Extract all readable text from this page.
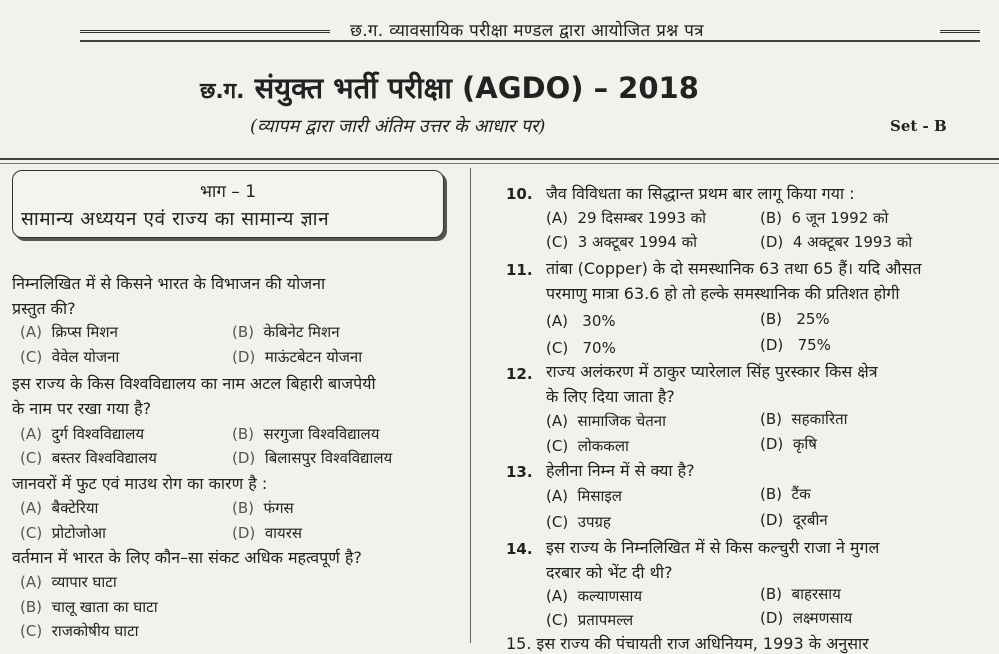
छ.ग. व्यावसायिक परीक्षा मण्डल द्वारा आयोजित प्रश्न पत्र
छ.ग. संयुक्त भर्ती परीक्षा (AGDO) – 2018
(व्यापम द्वारा जारी अंतिम उत्तर के आधार पर)	Set - B
भाग – 1
सामान्य अध्ययन एवं राज्य का सामान्य ज्ञान
निम्नलिखित में से किसने भारत के विभाजन की योजना
प्रस्तुत की?
(A) क्रिप्स मिशन	(B) केबिनेट मिशन
(C) वेवेल योजना	(D) माऊंटबेटन योजना
इस राज्य के किस विश्वविद्यालय का नाम अटल बिहारी बाजपेयी
के नाम पर रखा गया है?
(A) दुर्ग विश्वविद्यालय	(B) सरगुजा विश्वविद्यालय
(C) बस्तर विश्वविद्यालय	(D) बिलासपुर विश्वविद्यालय
जानवरों में फुट एवं माउथ रोग का कारण है :
(A) बैक्टेरिया	(B) फंगस
(C) प्रोटोजोआ	(D) वायरस
वर्तमान में भारत के लिए कौन–सा संकट अधिक महत्वपूर्ण है?
(A) व्यापार घाटा
(B) चालू खाता का घाटा
(C) राजकोषीय घाटा
10. जैव विविधता का सिद्धान्त प्रथम बार लागू किया गया :
(A) 29 दिसम्बर 1993 को	(B) 6 जून 1992 को
(C) 3 अक्टूबर 1994 को	(D) 4 अक्टूबर 1993 को
11. तांबा (Copper) के दो समस्थानिक 63 तथा 65 हैं। यदि औसत
परमाणु मात्रा 63.6 हो तो हल्के समस्थानिक की प्रतिशत होगी
(A) 30%	(B) 25%
(C) 70%	(D) 75%
12. राज्य अलंकरण में ठाकुर प्यारेलाल सिंह पुरस्कार किस क्षेत्र
के लिए दिया जाता है?
(A) सामाजिक चेतना	(B) सहकारिता
(C) लोककला	(D) कृषि
13. हेलीना निम्न में से क्या है?
(A) मिसाइल	(B) टैंक
(C) उपग्रह	(D) दूरबीन
14. इस राज्य के निम्नलिखित में से किस कल्चुरी राजा ने मुगल
दरबार को भेंट दी थी?
(A) कल्याणसाय	(B) बाहरसाय
(C) प्रतापमल्ल	(D) लक्ष्मणसाय
15. इस राज्य की पंचायती राज अधिनियम, 1993 के अनुसार
